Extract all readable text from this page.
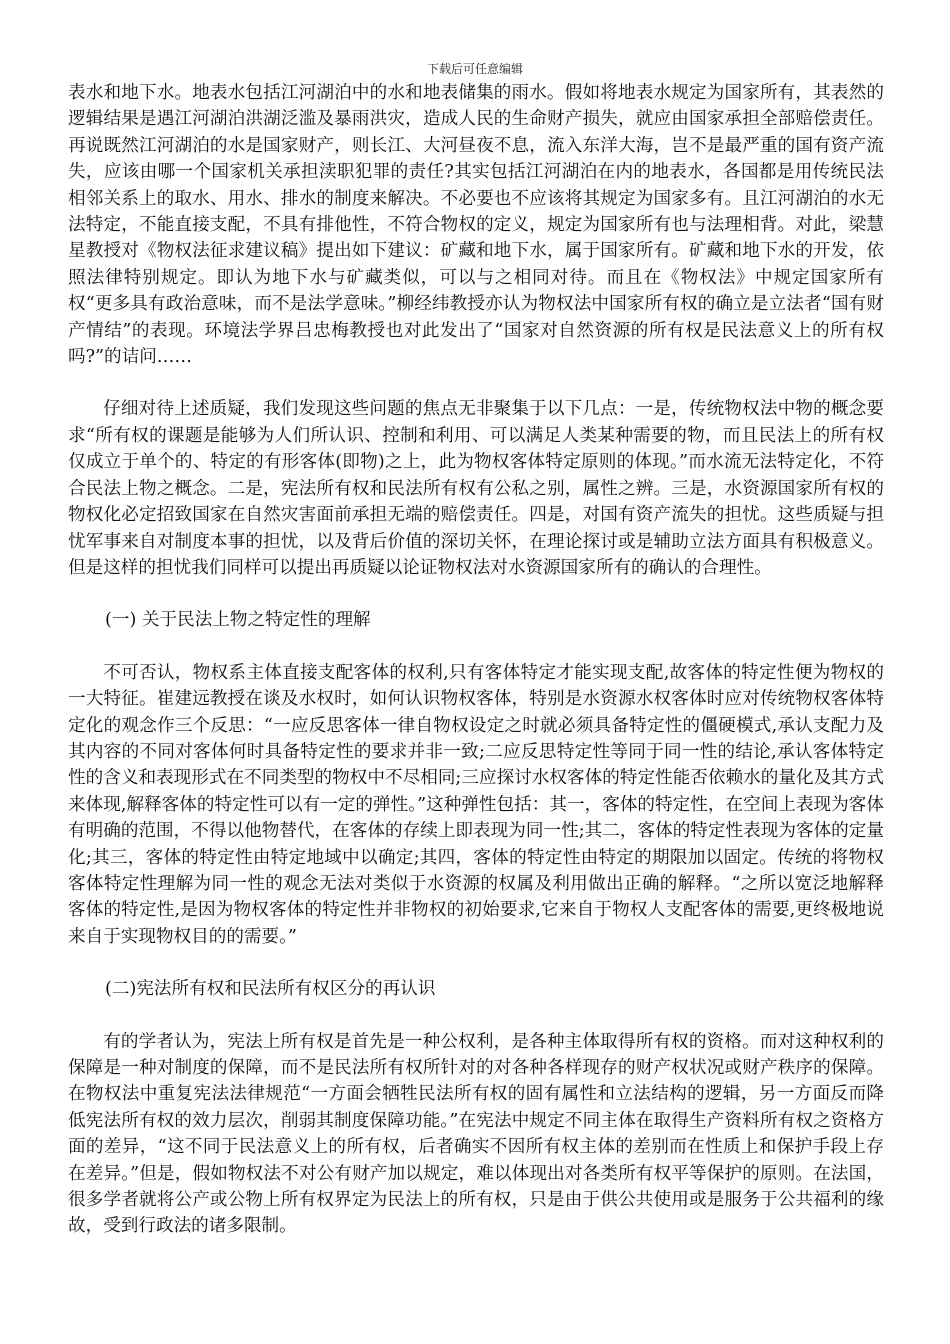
下载后可任意编辑

表水和地下水。地表水包括江河湖泊中的水和地表储集的雨水。假如将地表水规定为国家所有，其表然的逻辑结果是遇江河湖泊洪湖泛滥及暴雨洪灾，造成人民的生命财产损失，就应由国家承担全部赔偿责任。再说既然江河湖泊的水是国家财产，则长江、大河昼夜不息，流入东洋大海，岂不是最严重的国有资产流失，应该由哪一个国家机关承担渎职犯罪的责任?其实包括江河湖泊在内的地表水，各国都是用传统民法相邻关系上的取水、用水、排水的制度来解决。不必要也不应该将其规定为国家多有。且江河湖泊的水无法特定，不能直接支配，不具有排他性，不符合物权的定义，规定为国家所有也与法理相背。对此，梁慧星教授对《物权法征求建议稿》提出如下建议：矿藏和地下水，属于国家所有。矿藏和地下水的开发，依照法律特别规定。即认为地下水与矿藏类似，可以与之相同对待。而且在《物权法》中规定国家所有权“更多具有政治意味，而不是法学意味。”柳经纬教授亦认为物权法中国家所有权的确立是立法者“国有财产情结”的表现。环境法学界吕忠梅教授也对此发出了“国家对自然资源的所有权是民法意义上的所有权吗?”的诘问……

仔细对待上述质疑，我们发现这些问题的焦点无非聚集于以下几点：一是，传统物权法中物的概念要求“所有权的课题是能够为人们所认识、控制和利用、可以满足人类某种需要的物，而且民法上的所有权仅成立于单个的、特定的有形客体(即物)之上，此为物权客体特定原则的体现。”而水流无法特定化，不符合民法上物之概念。二是，宪法所有权和民法所有权有公私之别，属性之辨。三是，水资源国家所有权的物权化必定招致国家在自然灾害面前承担无端的赔偿责任。四是，对国有资产流失的担忧。这些质疑与担忧军事来自对制度本事的担忧，以及背后价值的深切关怀，在理论探讨或是辅助立法方面具有积极意义。但是这样的担忧我们同样可以提出再质疑以论证物权法对水资源国家所有的确认的合理性。

(一) 关于民法上物之特定性的理解

不可否认，物权系主体直接支配客体的权利,只有客体特定才能实现支配,故客体的特定性便为物权的一大特征。崔建远教授在谈及水权时，如何认识物权客体，特别是水资源水权客体时应对传统物权客体特定化的观念作三个反思：“一应反思客体一律自物权设定之时就必须具备特定性的僵硬模式,承认支配力及其内容的不同对客体何时具备特定性的要求并非一致;二应反思特定性等同于同一性的结论,承认客体特定性的含义和表现形式在不同类型的物权中不尽相同;三应探讨水权客体的特定性能否依赖水的量化及其方式来体现,解释客体的特定性可以有一定的弹性。”这种弹性包括：其一，客体的特定性，在空间上表现为客体有明确的范围，不得以他物替代，在客体的存续上即表现为同一性;其二，客体的特定性表现为客体的定量化;其三，客体的特定性由特定地域中以确定;其四，客体的特定性由特定的期限加以固定。传统的将物权客体特定性理解为同一性的观念无法对类似于水资源的权属及利用做出正确的解释。“之所以宽泛地解释客体的特定性,是因为物权客体的特定性并非物权的初始要求,它来自于物权人支配客体的需要,更终极地说来自于实现物权目的的需要。”

(二)宪法所有权和民法所有权区分的再认识

有的学者认为，宪法上所有权是首先是一种公权利，是各种主体取得所有权的资格。而对这种权利的保障是一种对制度的保障，而不是民法所有权所针对的对各种各样现存的财产权状况或财产秩序的保障。在物权法中重复宪法法律规范“一方面会牺牲民法所有权的固有属性和立法结构的逻辑，另一方面反而降低宪法所有权的效力层次，削弱其制度保障功能。”在宪法中规定不同主体在取得生产资料所有权之资格方面的差异，“这不同于民法意义上的所有权，后者确实不因所有权主体的差别而在性质上和保护手段上存在差异。”但是，假如物权法不对公有财产加以规定，难以体现出对各类所有权平等保护的原则。在法国，很多学者就将公产或公物上所有权界定为民法上的所有权，只是由于供公共使用或是服务于公共福利的缘故，受到行政法的诸多限制。
